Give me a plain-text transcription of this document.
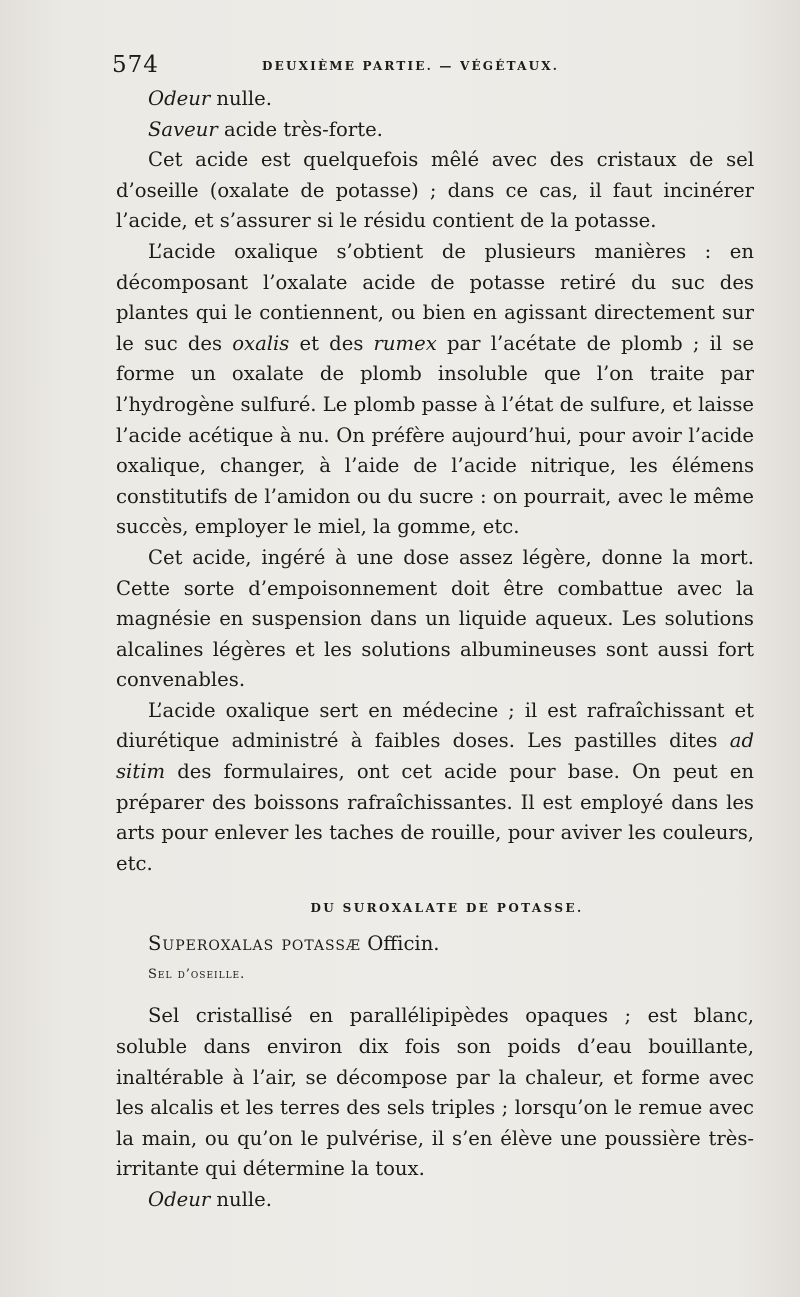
574	DEUXIÈME PARTIE. — VÉGÉTAUX.

Odeur nulle.

Saveur acide très-forte.

Cet acide est quelquefois mêlé avec des cristaux de sel d’oseille (oxalate de potasse) ; dans ce cas, il faut incinérer l’acide, et s’assurer si le résidu contient de la potasse.

L’acide oxalique s’obtient de plusieurs manières : en décomposant l’oxalate acide de potasse retiré du suc des plantes qui le contiennent, ou bien en agissant directement sur le suc des oxalis et des rumex par l’acétate de plomb ; il se forme un oxalate de plomb insoluble que l’on traite par l’hydrogène sulfuré. Le plomb passe à l’état de sulfure, et laisse l’acide acétique à nu. On préfère aujourd’hui, pour avoir l’acide oxalique, changer, à l’aide de l’acide nitrique, les élémens constitutifs de l’amidon ou du sucre : on pourrait, avec le même succès, employer le miel, la gomme, etc.

Cet acide, ingéré à une dose assez légère, donne la mort. Cette sorte d’empoisonnement doit être combattue avec la magnésie en suspension dans un liquide aqueux. Les solutions alcalines légères et les solutions albumineuses sont aussi fort convenables.

L’acide oxalique sert en médecine ; il est rafraîchissant et diurétique administré à faibles doses. Les pastilles dites ad sitim des formulaires, ont cet acide pour base. On peut en préparer des boissons rafraîchissantes. Il est employé dans les arts pour enlever les taches de rouille, pour aviver les couleurs, etc.

DU SUROXALATE DE POTASSE.

Superoxalas potassæ Officin.

Sel d’oseille.

Sel cristallisé en parallélipipèdes opaques ; est blanc, soluble dans environ dix fois son poids d’eau bouillante, inaltérable à l’air, se décompose par la chaleur, et forme avec les alcalis et les terres des sels triples ; lorsqu’on le remue avec la main, ou qu’on le pulvérise, il s’en élève une poussière très-irritante qui détermine la toux.

Odeur nulle.
